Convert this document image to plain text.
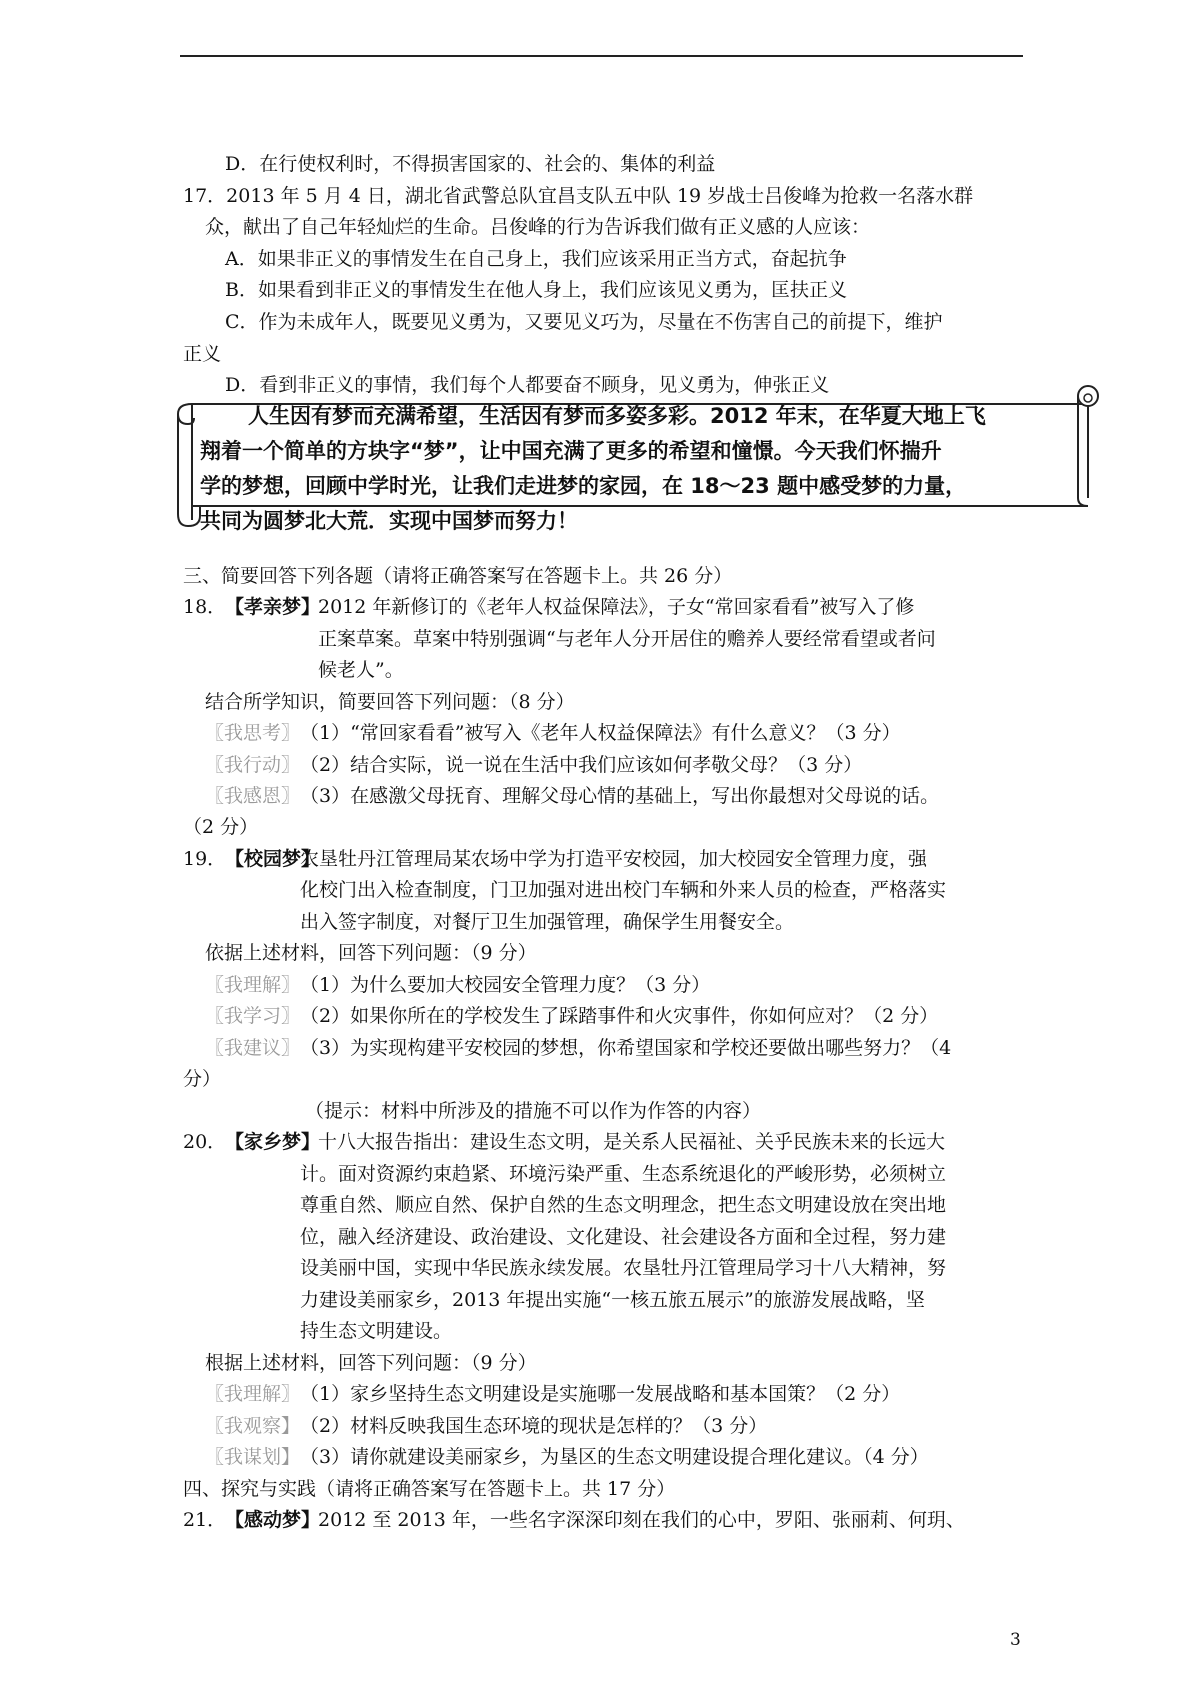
D．在行使权利时，不得损害国家的、社会的、集体的利益
17．2013 年 5 月 4 日，湖北省武警总队宜昌支队五中队 19 岁战士吕俊峰为抢救一名落水群
众，献出了自己年轻灿烂的生命。吕俊峰的行为告诉我们做有正义感的人应该：
A．如果非正义的事情发生在自己身上，我们应该采用正当方式，奋起抗争
B．如果看到非正义的事情发生在他人身上，我们应该见义勇为，匡扶正义
C．作为未成年人，既要见义勇为，又要见义巧为，尽量在不伤害自己的前提下，维护
正义
D．看到非正义的事情，我们每个人都要奋不顾身，见义勇为，伸张正义
人生因有梦而充满希望，生活因有梦而多姿多彩。2012 年末，在华夏大地上飞
翔着一个简单的方块字“梦”，让中国充满了更多的希望和憧憬。今天我们怀揣升
学的梦想，回顾中学时光，让我们走进梦的家园，在 18～23 题中感受梦的力量，
共同为圆梦北大荒．实现中国梦而努力！
三、简要回答下列各题（请将正确答案写在答题卡上。共 26 分）
18．
【孝亲梦】
2012 年新修订的《老年人权益保障法》，子女“常回家看看”被写入了修
正案草案。草案中特别强调“与老年人分开居住的赡养人要经常看望或者问
候老人”。
结合所学知识，简要回答下列问题：（8 分）
〖我思考〗 （1）“常回家看看”被写入《老年人权益保障法》有什么意义？（3 分）
〖我行动〗 （2）结合实际，说一说在生活中我们应该如何孝敬父母？（3 分）
〖我感恩〗 （3）在感激父母抚育、理解父母心情的基础上，写出你最想对父母说的话。
（2 分）
19．
【校园梦】
农垦牡丹江管理局某农场中学为打造平安校园，加大校园安全管理力度，强
化校门出入检查制度，门卫加强对进出校门车辆和外来人员的检查，严格落实
出入签字制度，对餐厅卫生加强管理，确保学生用餐安全。
依据上述材料，回答下列问题：（9 分）
〖我理解〗 （1）为什么要加大校园安全管理力度？（3 分）
〖我学习〗 （2）如果你所在的学校发生了踩踏事件和火灾事件，你如何应对？（2 分）
〖我建议〗 （3）为实现构建平安校园的梦想，你希望国家和学校还要做出哪些努力？（4
分）
（提示：材料中所涉及的措施不可以作为作答的内容）
20．
【家乡梦】
十八大报告指出：建设生态文明，是关系人民福祉、关乎民族未来的长远大
计。面对资源约束趋紧、环境污染严重、生态系统退化的严峻形势，必须树立
尊重自然、顺应自然、保护自然的生态文明理念，把生态文明建设放在突出地
位，融入经济建设、政治建设、文化建设、社会建设各方面和全过程，努力建
设美丽中国，实现中华民族永续发展。农垦牡丹江管理局学习十八大精神，努
力建设美丽家乡，2013 年提出实施“一核五旅五展示”的旅游发展战略，坚
持生态文明建设。
根据上述材料，回答下列问题：（9 分）
〖我理解〗 （1）家乡坚持生态文明建设是实施哪一发展战略和基本国策？（2 分）
〖我观察】 （2）材料反映我国生态环境的现状是怎样的？（3 分）
〖我谋划】 （3）请你就建设美丽家乡，为垦区的生态文明建设提合理化建议。（4 分）
四、探究与实践（请将正确答案写在答题卡上。共 17 分）
21．
【感动梦】
2012 至 2013 年，一些名字深深印刻在我们的心中，罗阳、张丽莉、何玥、
3
